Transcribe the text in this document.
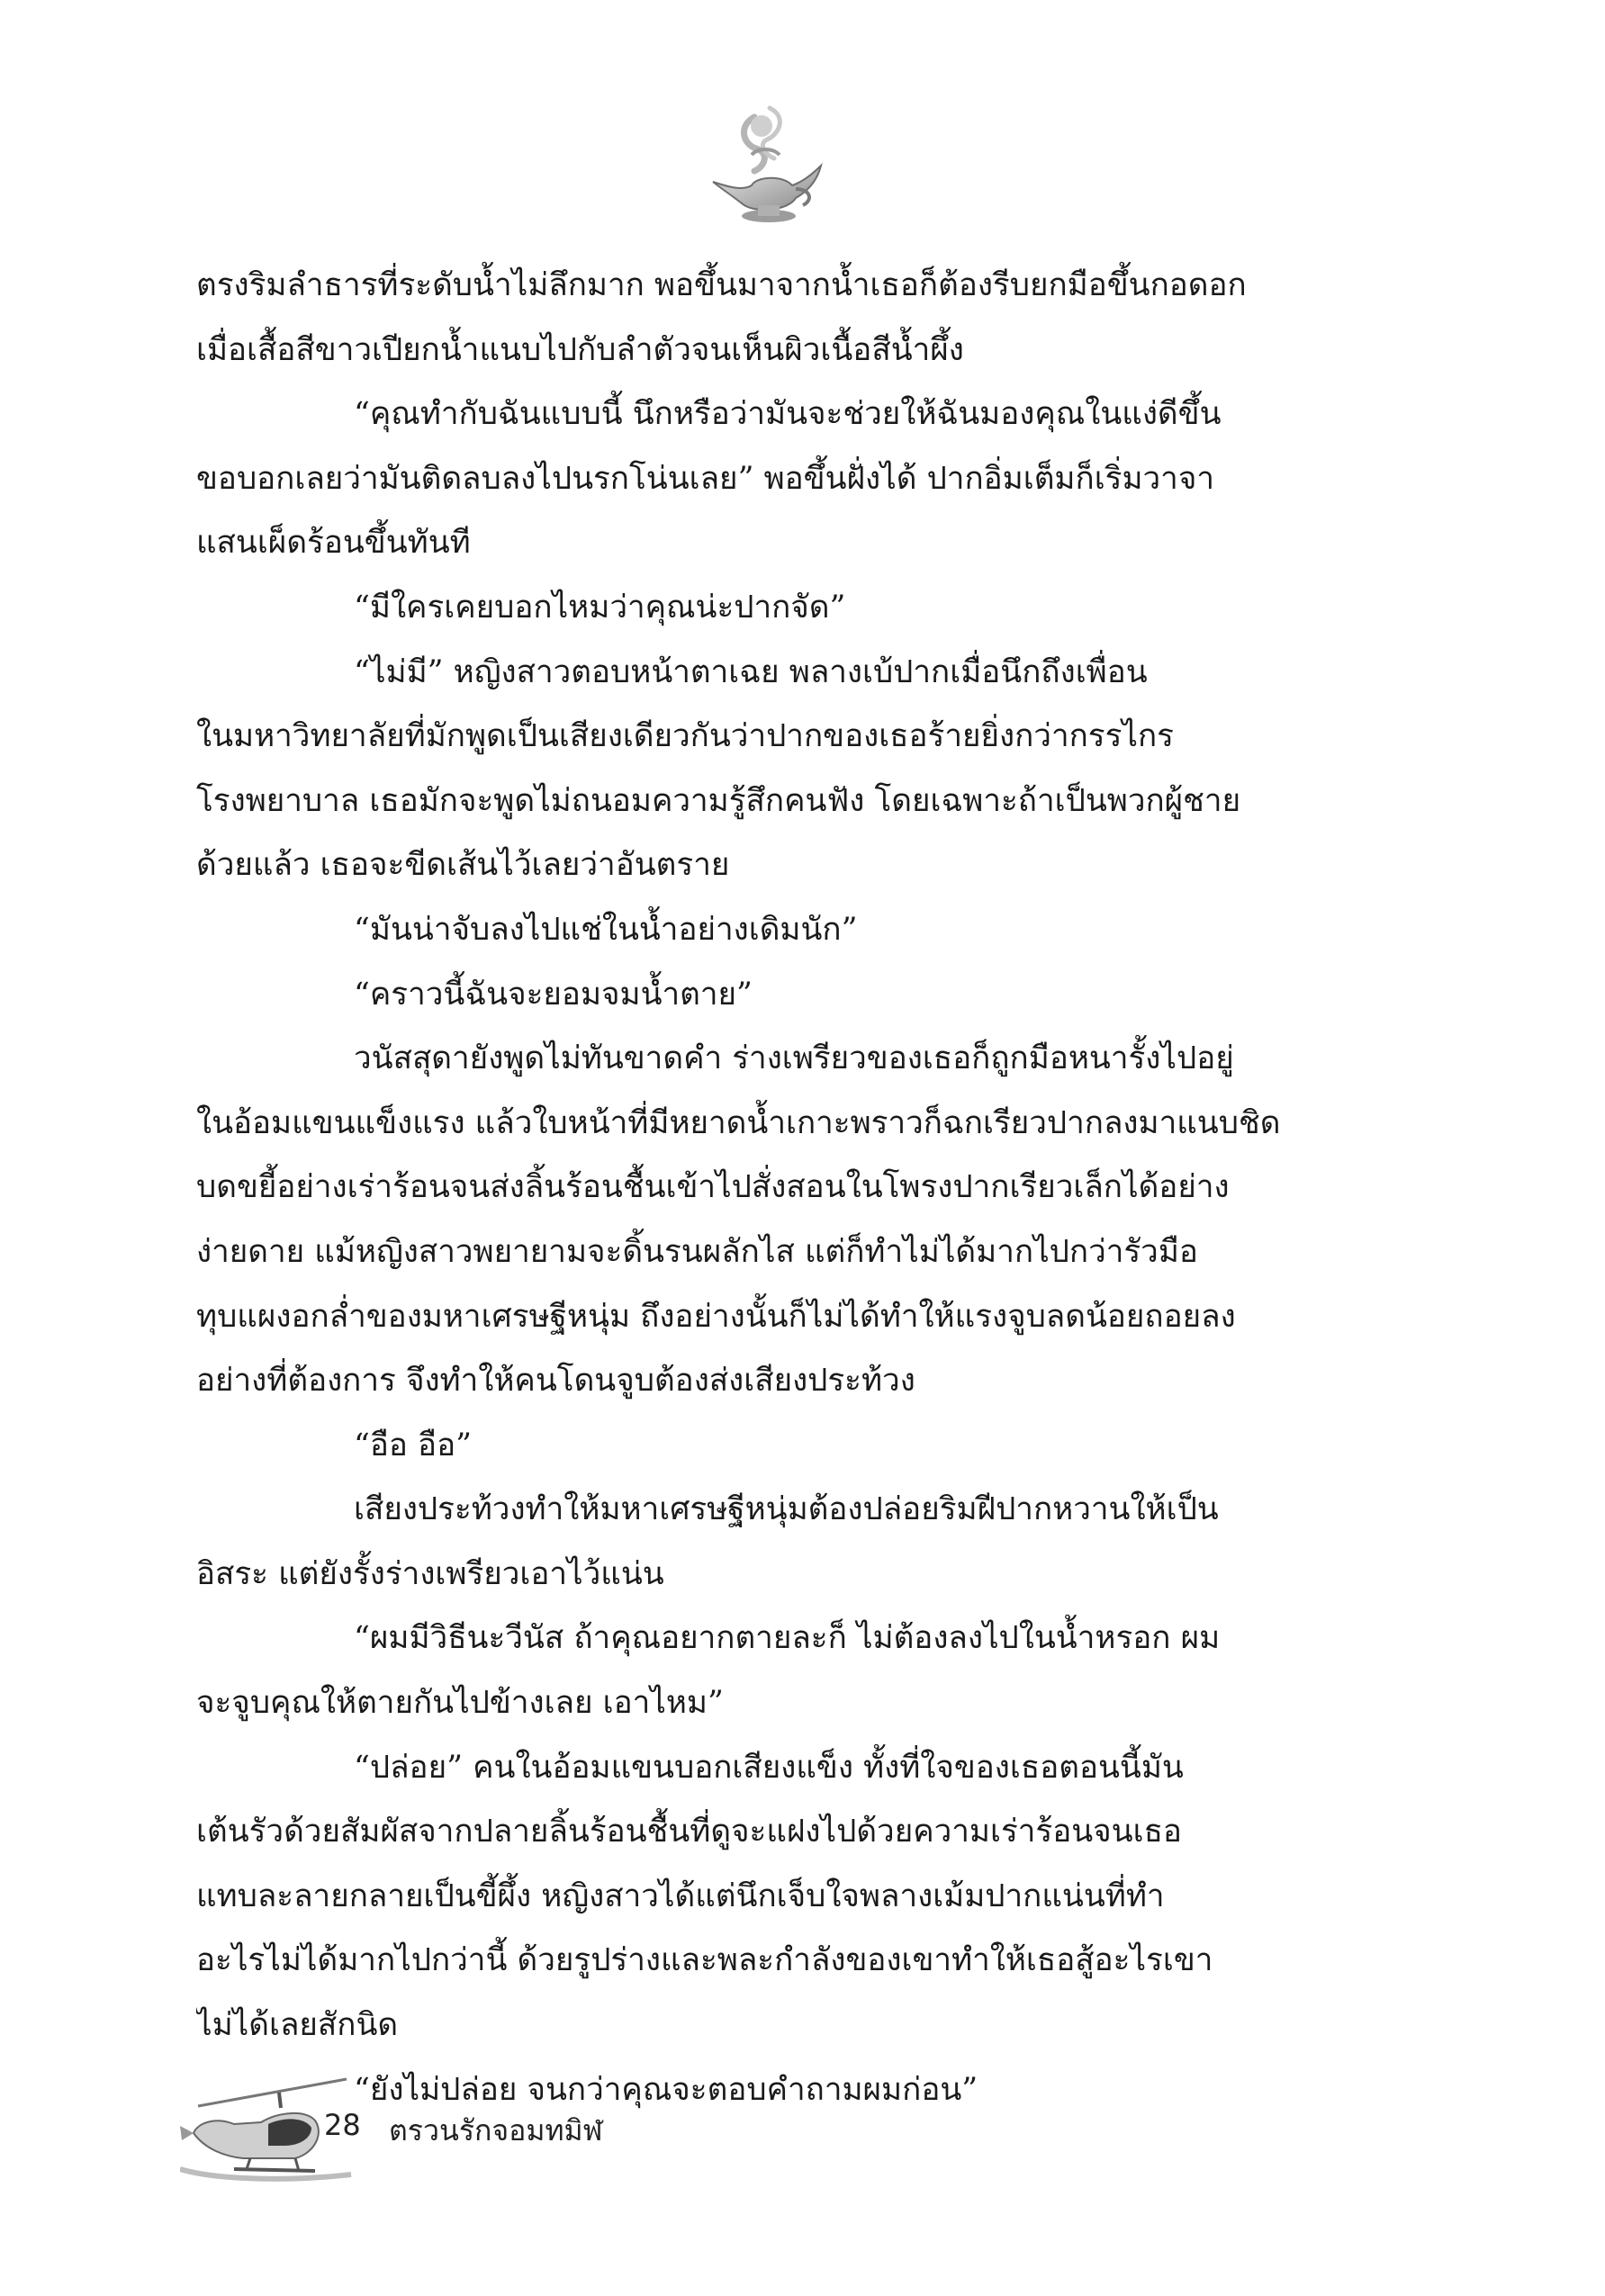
ตรงริมลำธารที่ระดับน้ำไม่ลึกมาก พอขึ้นมาจากน้ำเธอก็ต้องรีบยกมือขึ้นกอดอก
เมื่อเสื้อสีขาวเปียกน้ำแนบไปกับลำตัวจนเห็นผิวเนื้อสีน้ำผึ้ง
“คุณทำกับฉันแบบนี้ นึกหรือว่ามันจะช่วยให้ฉันมองคุณในแง่ดีขึ้น
ขอบอกเลยว่ามันติดลบลงไปนรกโน่นเลย” พอขึ้นฝั่งได้ ปากอิ่มเต็มก็เริ่มวาจา
แสนเผ็ดร้อนขึ้นทันที
“มีใครเคยบอกไหมว่าคุณน่ะปากจัด”
“ไม่มี” หญิงสาวตอบหน้าตาเฉย พลางเบ้ปากเมื่อนึกถึงเพื่อน
ในมหาวิทยาลัยที่มักพูดเป็นเสียงเดียวกันว่าปากของเธอร้ายยิ่งกว่ากรรไกร
โรงพยาบาล เธอมักจะพูดไม่ถนอมความรู้สึกคนฟัง โดยเฉพาะถ้าเป็นพวกผู้ชาย
ด้วยแล้ว เธอจะขีดเส้นไว้เลยว่าอันตราย
“มันน่าจับลงไปแช่ในน้ำอย่างเดิมนัก”
“คราวนี้ฉันจะยอมจมน้ำตาย”
วนัสสุดายังพูดไม่ทันขาดคำ ร่างเพรียวของเธอก็ถูกมือหนารั้งไปอยู่
ในอ้อมแขนแข็งแรง แล้วใบหน้าที่มีหยาดน้ำเกาะพราวก็ฉกเรียวปากลงมาแนบชิด
บดขยี้อย่างเร่าร้อนจนส่งลิ้นร้อนชื้นเข้าไปสั่งสอนในโพรงปากเรียวเล็กได้อย่าง
ง่ายดาย แม้หญิงสาวพยายามจะดิ้นรนผลักไส แต่ก็ทำไม่ได้มากไปกว่ารัวมือ
ทุบแผงอกล่ำของมหาเศรษฐีหนุ่ม ถึงอย่างนั้นก็ไม่ได้ทำให้แรงจูบลดน้อยถอยลง
อย่างที่ต้องการ จึงทำให้คนโดนจูบต้องส่งเสียงประท้วง
“อือ อือ”
เสียงประท้วงทำให้มหาเศรษฐีหนุ่มต้องปล่อยริมฝีปากหวานให้เป็น
อิสระ แต่ยังรั้งร่างเพรียวเอาไว้แน่น
“ผมมีวิธีนะวีนัส ถ้าคุณอยากตายละก็ ไม่ต้องลงไปในน้ำหรอก ผม
จะจูบคุณให้ตายกันไปข้างเลย เอาไหม”
“ปล่อย” คนในอ้อมแขนบอกเสียงแข็ง ทั้งที่ใจของเธอตอนนี้มัน
เต้นรัวด้วยสัมผัสจากปลายลิ้นร้อนชื้นที่ดูจะแฝงไปด้วยความเร่าร้อนจนเธอ
แทบละลายกลายเป็นขี้ผึ้ง หญิงสาวได้แต่นึกเจ็บใจพลางเม้มปากแน่นที่ทำ
อะไรไม่ได้มากไปกว่านี้ ด้วยรูปร่างและพละกำลังของเขาทำให้เธอสู้อะไรเขา
ไม่ได้เลยสักนิด
“ยังไม่ปล่อย จนกว่าคุณจะตอบคำถามผมก่อน”
28 ตรวนรักจอมทมิฬ
